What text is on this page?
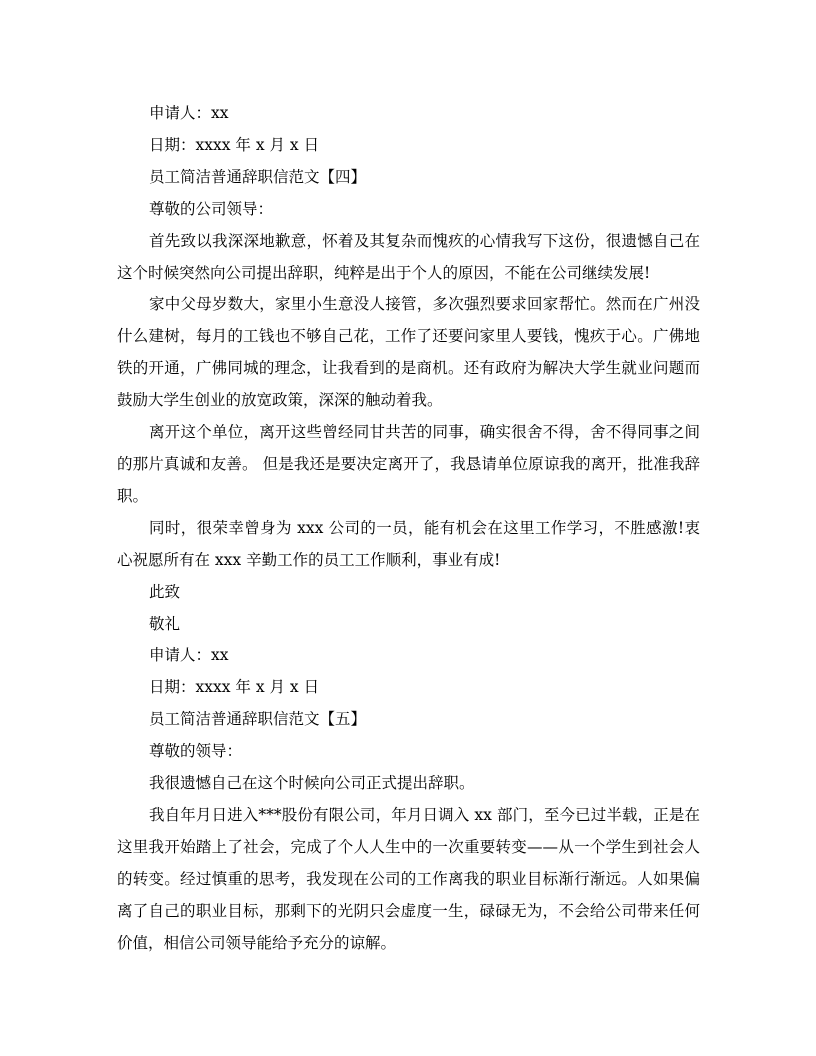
申请人：xx
日期：xxxx 年 x 月 x 日
员工简洁普通辞职信范文【四】
尊敬的公司领导：
首先致以我深深地歉意，怀着及其复杂而愧疚的心情我写下这份，很遗憾自己在这个时候突然向公司提出辞职，纯粹是出于个人的原因，不能在公司继续发展!
家中父母岁数大，家里小生意没人接管，多次强烈要求回家帮忙。然而在广州没什么建树，每月的工钱也不够自己花，工作了还要问家里人要钱，愧疚于心。广佛地铁的开通，广佛同城的理念，让我看到的是商机。还有政府为解决大学生就业问题而鼓励大学生创业的放宽政策，深深的触动着我。
离开这个单位，离开这些曾经同甘共苦的同事，确实很舍不得，舍不得同事之间的那片真诚和友善。 但是我还是要决定离开了，我恳请单位原谅我的离开，批准我辞职。
同时，很荣幸曾身为 xxx 公司的一员，能有机会在这里工作学习，不胜感激!衷心祝愿所有在 xxx 辛勤工作的员工工作顺利，事业有成!
此致
敬礼
申请人：xx
日期：xxxx 年 x 月 x 日
员工简洁普通辞职信范文【五】
尊敬的领导：
我很遗憾自己在这个时候向公司正式提出辞职。
我自年月日进入***股份有限公司，年月日调入 xx 部门，至今已过半载，正是在这里我开始踏上了社会，完成了个人人生中的一次重要转变——从一个学生到社会人的转变。经过慎重的思考，我发现在公司的工作离我的职业目标渐行渐远。人如果偏离了自己的职业目标，那剩下的光阴只会虚度一生，碌碌无为，不会给公司带来任何价值，相信公司领导能给予充分的谅解。
